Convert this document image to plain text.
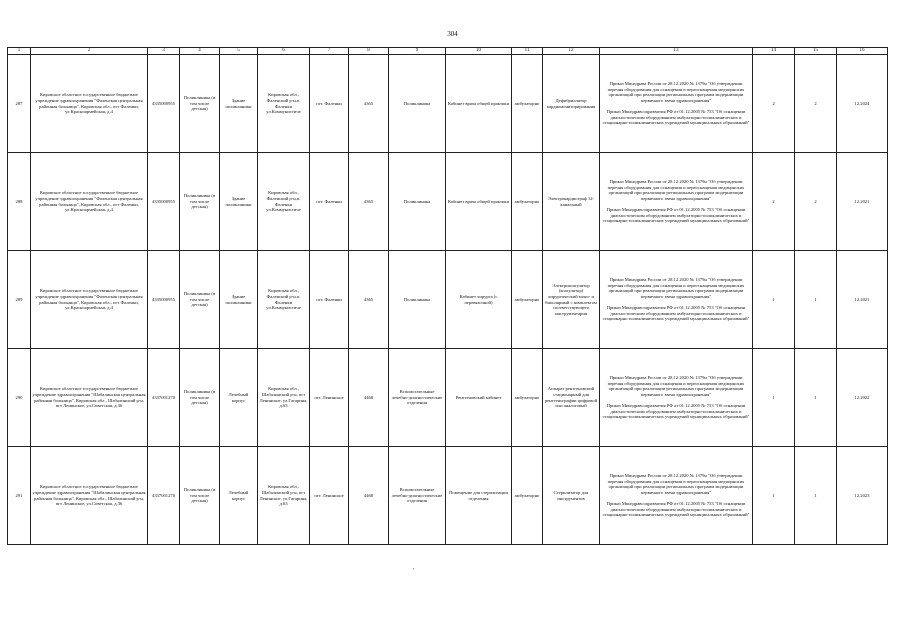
304
1	2	3	4	5	6	7	8	9	10	11	12	13	14	15	16
287	Кировское областное государственное бюджетное учреждение здравоохранения "Фаленская центральная районная больница", Кировская обл., пгт Фаленки, ул.Красноармейская, д.4	4335000955	Поликлиника (в том числе детская)	Здание поликлиники	Кировская обл., Фаленский р-н,п. Фаленки ул.Коммунистиче	пгт. Фаленки	4365	Поликлиника	Кабинет врача общей практики	амбулаторно	Дефибриллятор кардиомониторирования	Приказ Минздрава России от 28.12.2020 № 1379н "Об утверждении перечня оборудования для оснащения и переоснащения медицинских организаций при реализации региональных программ модернизации первичного звена здравоохранения"

Приказ Минздравсоцразвития РФ от 01.12.2005 № 753 "Об оснащении диагностическим оборудованием амбулаторно-поликлинических и стационарно-поликлинических учреждений муниципальных образований"	2	2	12.2024
288	Кировское областное государственное бюджетное учреждение здравоохранения "Фаленская центральная районная больница", Кировская обл., пгт Фаленки, ул.Красноармейская, д.4	4335000955	Поликлиника (в том числе детская)	Здание поликлиники	Кировская обл., Фаленский р-н,п. Фаленки ул.Коммунистиче	пгт. Фаленки	4365	Поликлиника	Кабинет врача общей практики	амбулаторно	Электрокардиограф 12-канальный	Приказ Минздрава России от 28.12.2020 № 1379н "Об утверждении перечня оборудования для оснащения и переоснащения медицинских организаций при реализации региональных программ модернизации первичного звена здравоохранения"

Приказ Минздравсоцразвития РФ от 01.12.2005 № 753 "Об оснащении диагностическим оборудованием амбулаторно-поликлинических и стационарно-поликлинических учреждений муниципальных образований"	2	2	12.2021
289	Кировское областное государственное бюджетное учреждение здравоохранения "Фаленская центральная районная больница", Кировская обл., пгт Фаленки, ул.Красноармейская, д.4	4335000955	Поликлиника (в том числе детская)	Здание поликлиники	Кировская обл., Фаленский р-н,п. Фаленки ул.Коммунистиче	пгт. Фаленки	4365	Поликлиника	Кабинет хирурга (с перевязочной)	амбулаторно	Электрокоагулятор (коагулятор) хирургический моно- и биполярный с комплектом соответствующего инструментария	Приказ Минздрава России от 28.12.2020 № 1379н "Об утверждении перечня оборудования для оснащения и переоснащения медицинских организаций при реализации региональных программ модернизации первичного звена здравоохранения"

Приказ Минздравсоцразвития РФ от 01.12.2005 № 753 "Об оснащении диагностическим оборудованием амбулаторно-поликлинических и стационарно-поликлинических учреждений муниципальных образований"	1	1	12.2021
290	Кировское областное государственное бюджетное учреждение здравоохранения "Шабалинская центральная районная больница", Кировская обл., Шабалинский р-н, пгт Ленинское, ул.Советская, д.36	4337001270	Поликлиника (в том числе детская)	Лечебный корпус	Кировская обл., Шабалинский р-н, пгт Ленинское, ул.Гагарина, д.63	пгт. Ленинское	4468	Вспомогательные лечебно-диагностические отделения	Рентгеновский кабинет	амбулаторно	Аппарат рентгеновский стационарный для рентгенографии цифровой или аналоговый	Приказ Минздрава России от 28.12.2020 № 1379н "Об утверждении перечня оборудования для оснащения и переоснащения медицинских организаций при реализации региональных программ модернизации первичного звена здравоохранения"

Приказ Минздравсоцразвития РФ от 01.12.2005 № 753 "Об оснащении диагностическим оборудованием амбулаторно-поликлинических и стационарно-поликлинических учреждений муниципальных образований"	1	1	12.2022
291	Кировское областное государственное бюджетное учреждение здравоохранения "Шабалинская центральная районная больница", Кировская обл., Шабалинский р-н, пгт Ленинское, ул.Советская, д.36	4337001270	Поликлиника (в том числе детская)	Лечебный корпус	Кировская обл., Шабалинский р-н, пгт Ленинское, ул.Гагарина, д.63	пгт. Ленинское	4468	Вспомогательные лечебно-диагностические отделения	Помещение для стерилизации отделения	амбулаторно	Стерилизатор для инструментов	Приказ Минздрава России от 28.12.2020 № 1379н "Об утверждении перечня оборудования для оснащения и переоснащения медицинских организаций при реализации региональных программ модернизации первичного звена здравоохранения"

Приказ Минздравсоцразвития РФ от 01.12.2005 № 753 "Об оснащении диагностическим оборудованием амбулаторно-поликлинических и стационарно-поликлинических учреждений муниципальных образований"	1	1	12.2023
'
